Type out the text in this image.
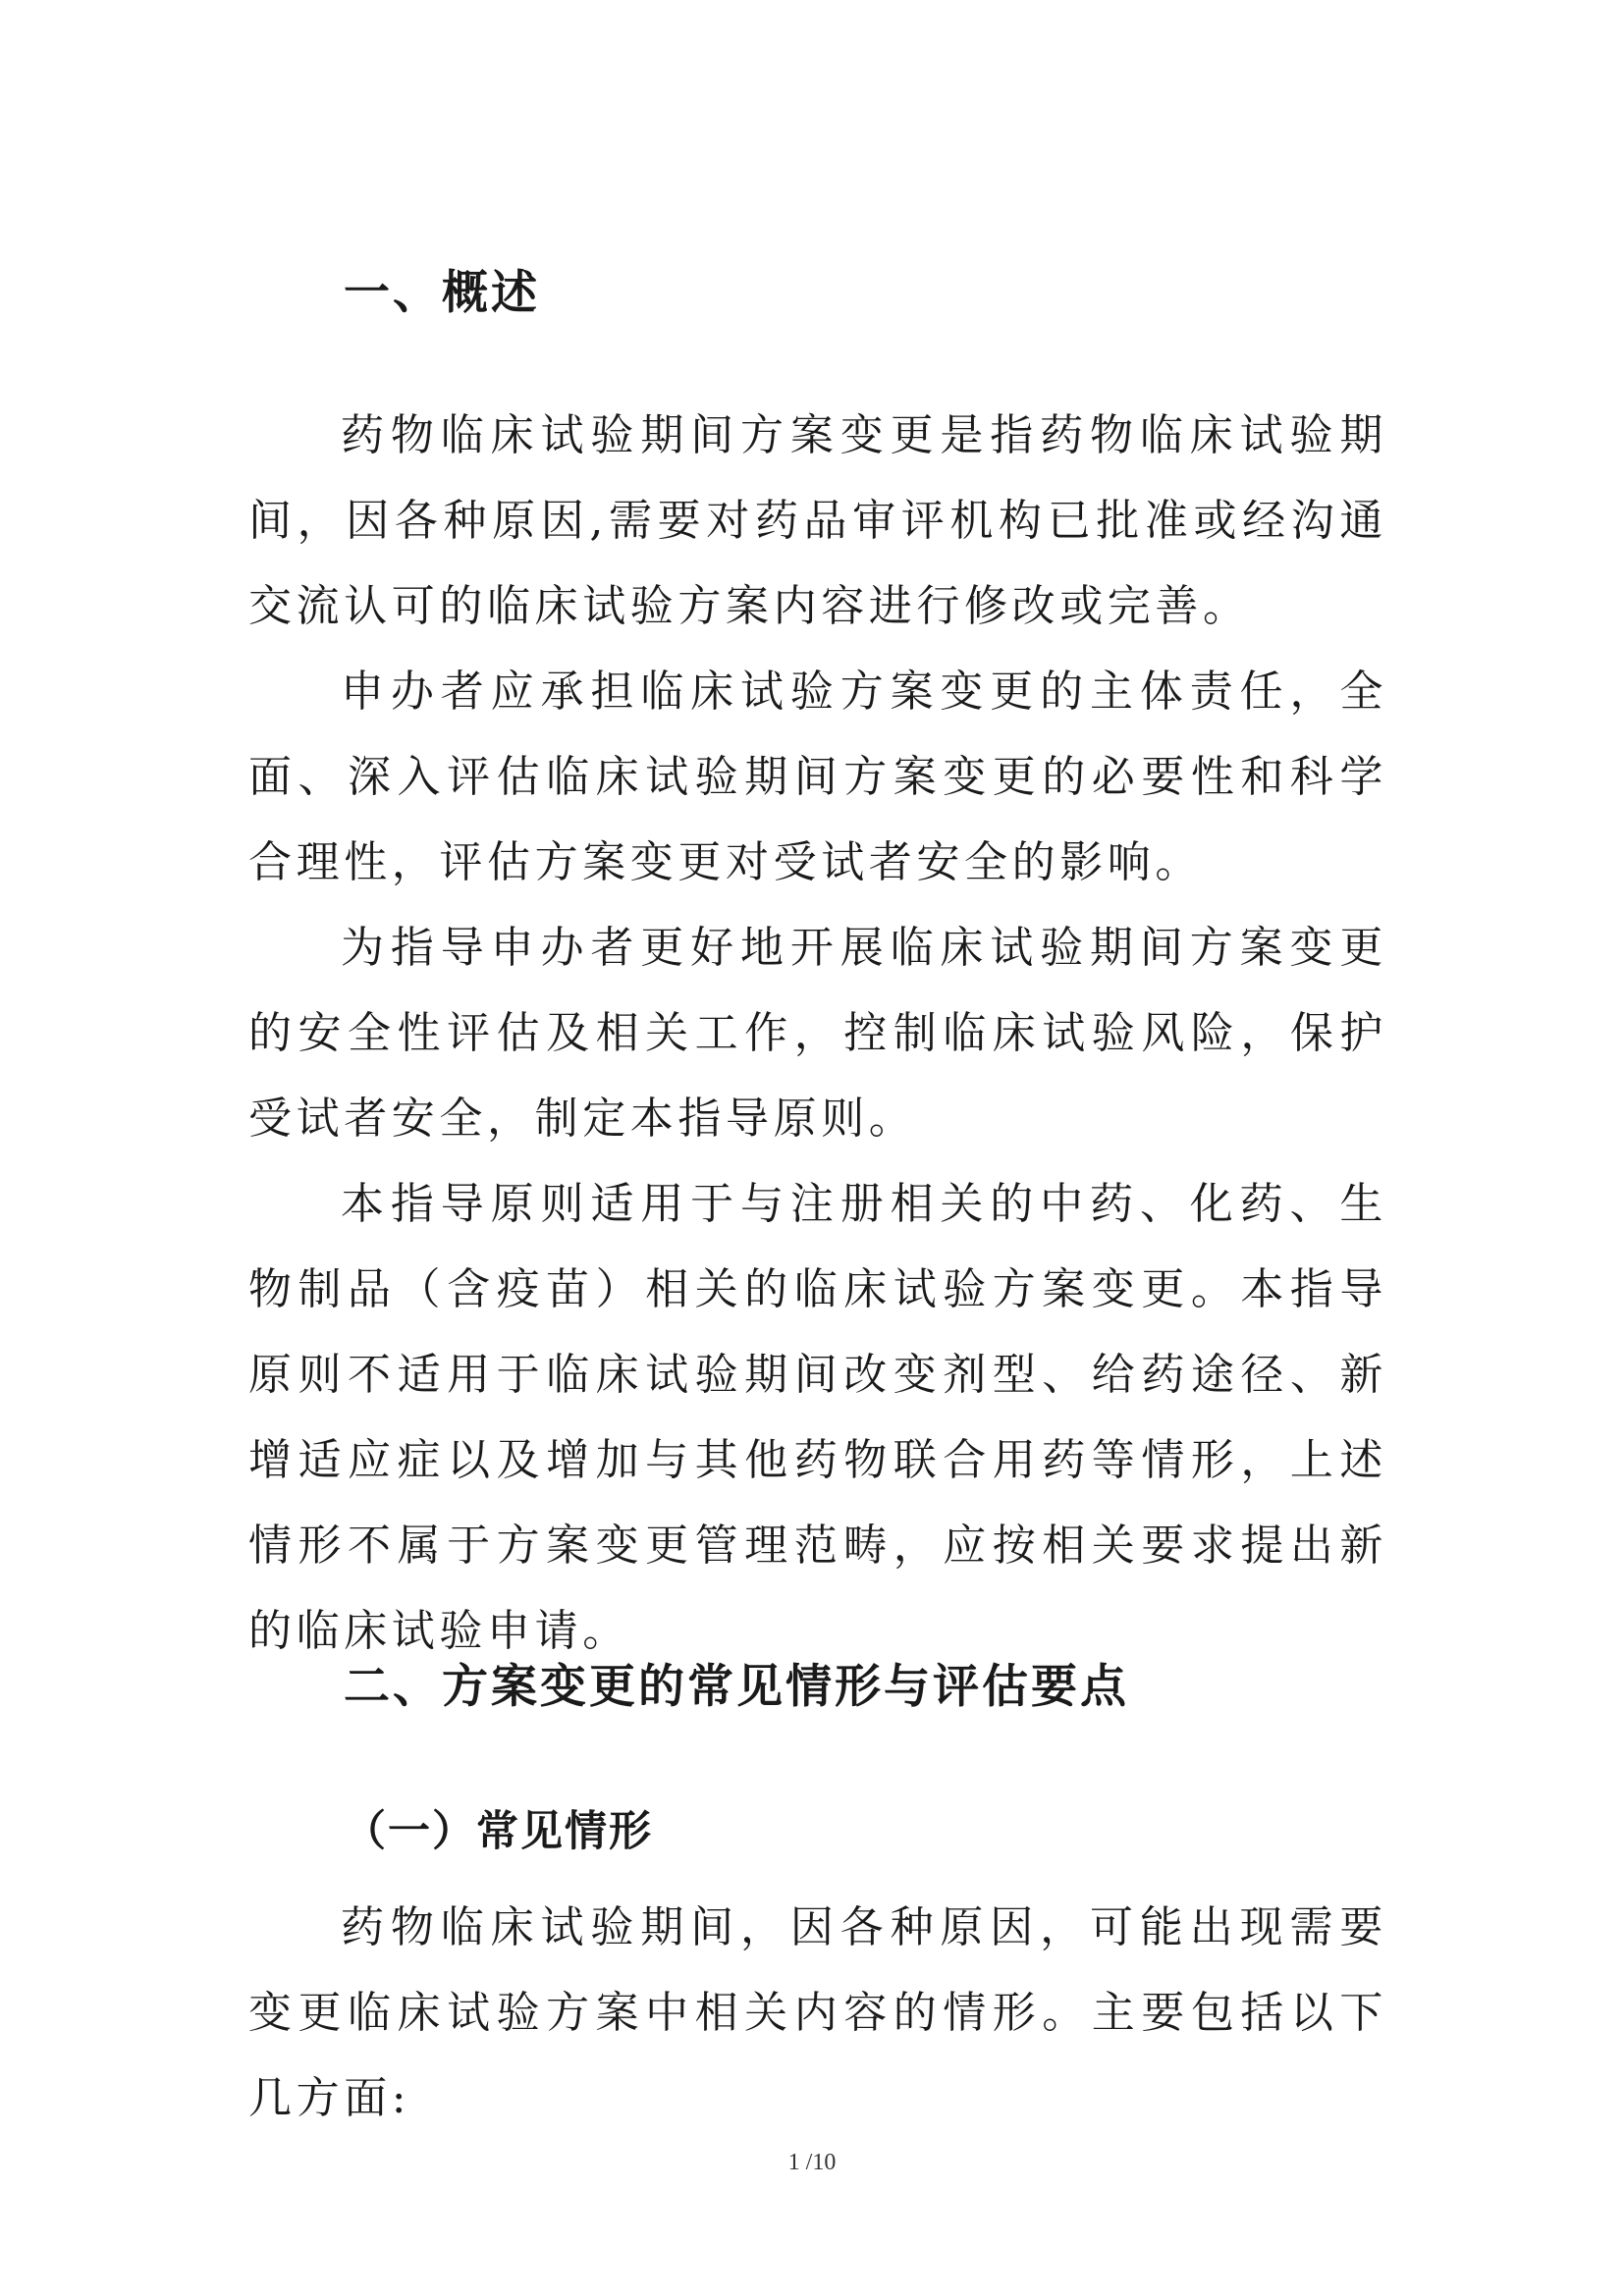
一、概述

药物临床试验期间方案变更是指药物临床试验期间，因各种原因,需要对药品审评机构已批准或经沟通交流认可的临床试验方案内容进行修改或完善。

申办者应承担临床试验方案变更的主体责任，全面、深入评估临床试验期间方案变更的必要性和科学合理性，评估方案变更对受试者安全的影响。

为指导申办者更好地开展临床试验期间方案变更的安全性评估及相关工作，控制临床试验风险，保护受试者安全，制定本指导原则。

本指导原则适用于与注册相关的中药、化药、生物制品（含疫苗）相关的临床试验方案变更。本指导原则不适用于临床试验期间改变剂型、给药途径、新增适应症以及增加与其他药物联合用药等情形，上述情形不属于方案变更管理范畴，应按相关要求提出新的临床试验申请。

二、方案变更的常见情形与评估要点
（一）常见情形

药物临床试验期间，因各种原因，可能出现需要变更临床试验方案中相关内容的情形。主要包括以下几方面:

1 /10
